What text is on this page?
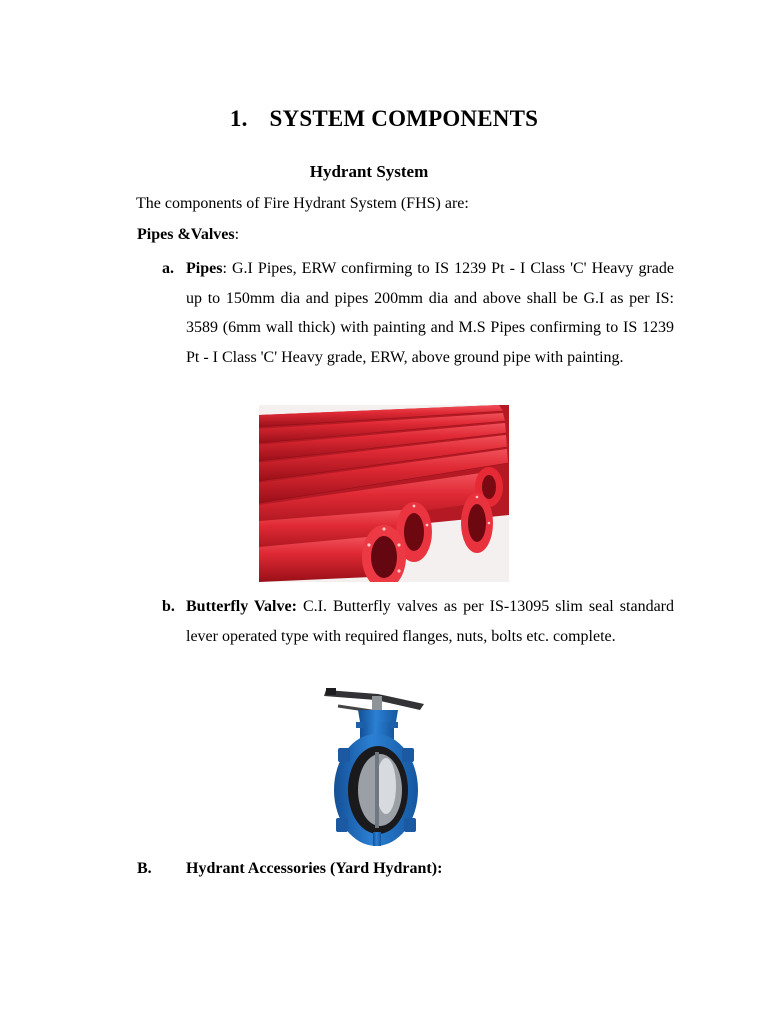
1. SYSTEM COMPONENTS
Hydrant System
The components of Fire Hydrant System (FHS) are:
Pipes &Valves:
a. Pipes: G.I Pipes, ERW confirming to IS 1239 Pt - I Class 'C' Heavy grade up to 150mm dia and pipes 200mm dia and above shall be G.I as per IS: 3589 (6mm wall thick) with painting and M.S Pipes confirming to IS 1239 Pt - I Class 'C' Heavy grade, ERW, above ground pipe with painting.
b. Butterfly Valve: C.I. Butterfly valves as per IS-13095 slim seal standard lever operated type with required flanges, nuts, bolts etc. complete.
B. Hydrant Accessories (Yard Hydrant):
